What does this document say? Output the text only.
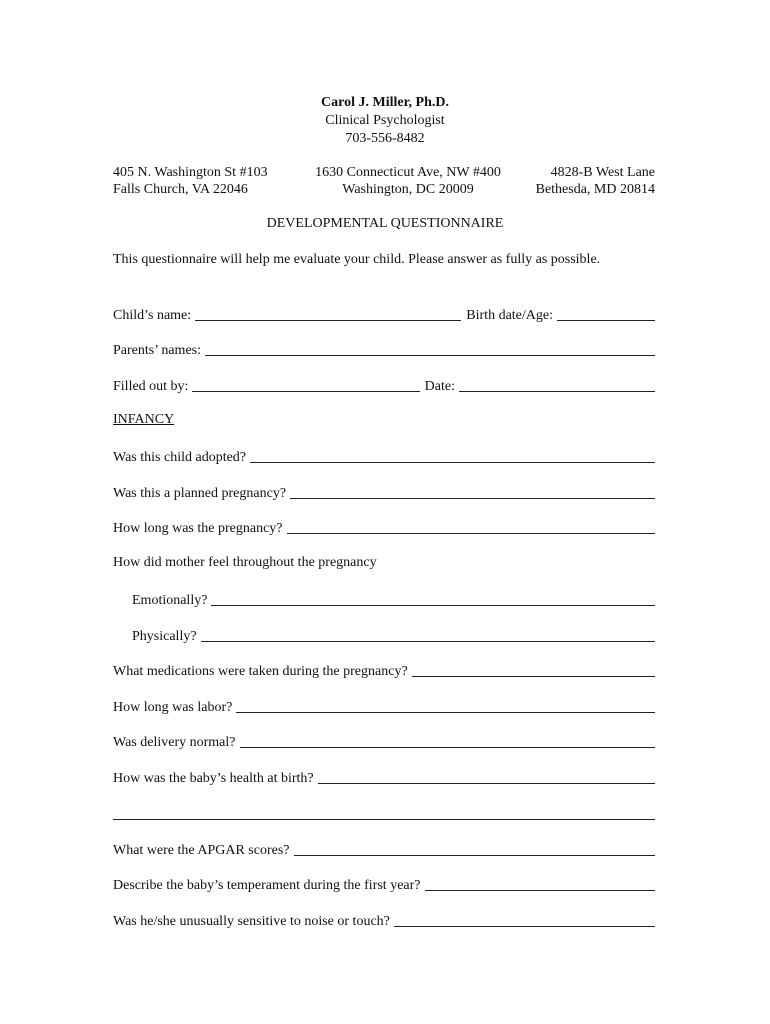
Carol J. Miller, Ph.D.
Clinical Psychologist
703-556-8482
405 N. Washington St #103
Falls Church, VA 22046
1630 Connecticut Ave, NW #400
Washington, DC 20009
4828-B West Lane
Bethesda, MD 20814
DEVELOPMENTAL QUESTIONNAIRE
This questionnaire will help me evaluate your child. Please answer as fully as possible.
Child’s name:	Birth date/Age:
Parents’ names:
Filled out by:	Date:
INFANCY
Was this child adopted?
Was this a planned pregnancy?
How long was the pregnancy?
How did mother feel throughout the pregnancy
Emotionally?
Physically?
What medications were taken during the pregnancy?
How long was labor?
Was delivery normal?
How was the baby’s health at birth?
What were the APGAR scores?
Describe the baby’s temperament during the first year?
Was he/she unusually sensitive to noise or touch?
